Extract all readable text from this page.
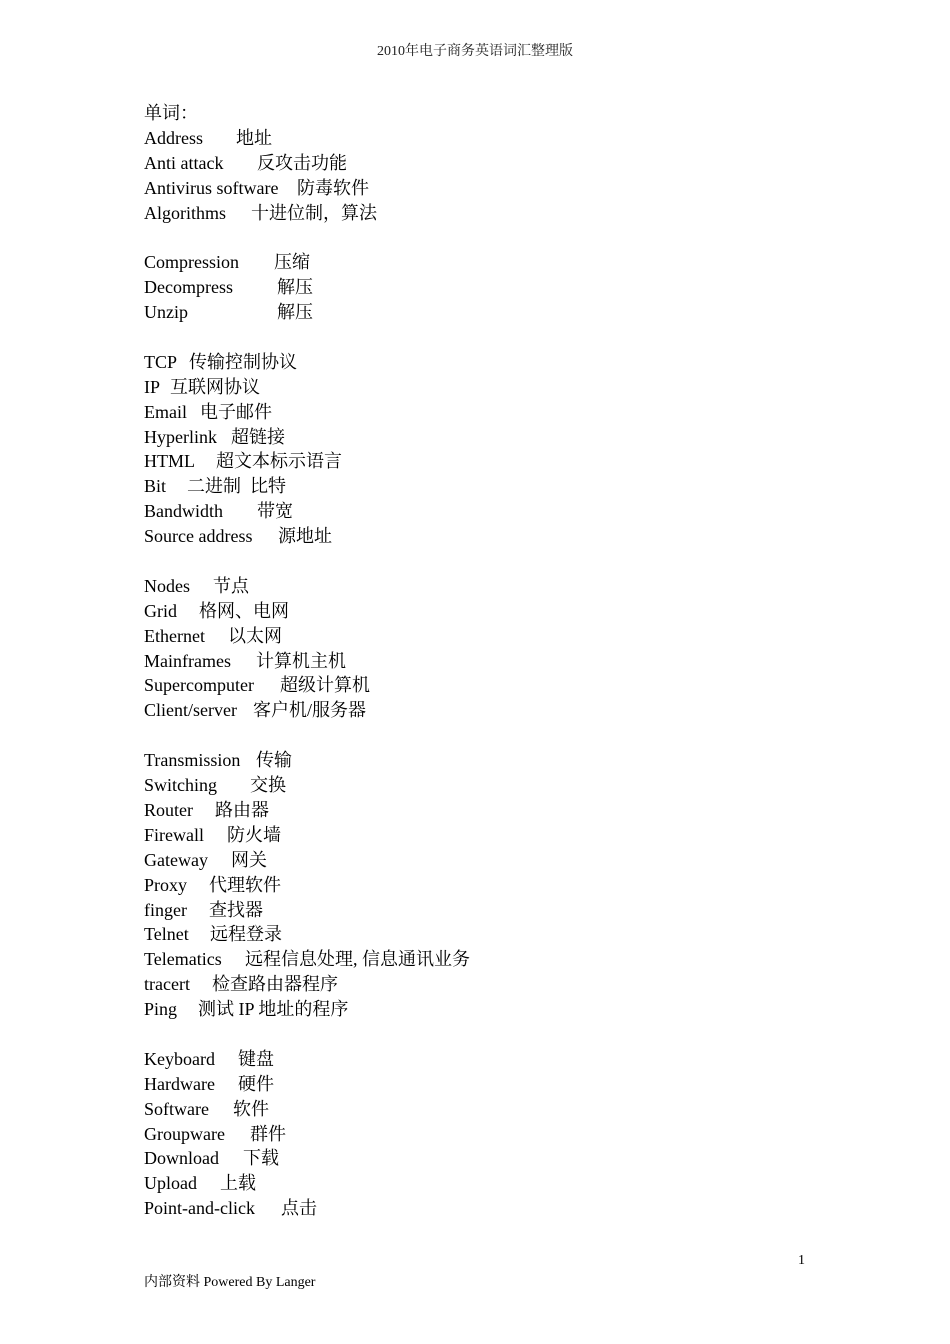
2010年电子商务英语词汇整理版
单词：
Address 地址
Anti attack 反攻击功能
Antivirus software 防毒软件
Algorithms 十进位制，算法
Compression 压缩
Decompress 解压
Unzip	解压
TCP 传输控制协议
IP 互联网协议
Email 电子邮件
Hyperlink 超链接
HTML 超文本标示语言
Bit 二进制  比特
Bandwidth 带宽
Source address 源地址
Nodes 节点
Grid 格网、电网
Ethernet 以太网
Mainframes 计算机主机
Supercomputer 超级计算机
Client/server 客户机/服务器
Transmission 传输
Switching 交换
Router 路由器
Firewall 防火墙
Gateway 网关
Proxy 代理软件
finger 查找器
Telnet 远程登录
Telematics 远程信息处理, 信息通讯业务
tracert 检查路由器程序
Ping 测试 IP 地址的程序
Keyboard 键盘
Hardware 硬件
Software 软件
Groupware 群件
Download 下载
Upload 上载
Point-and-click 点击
1
内部资料 Powered By Langer
